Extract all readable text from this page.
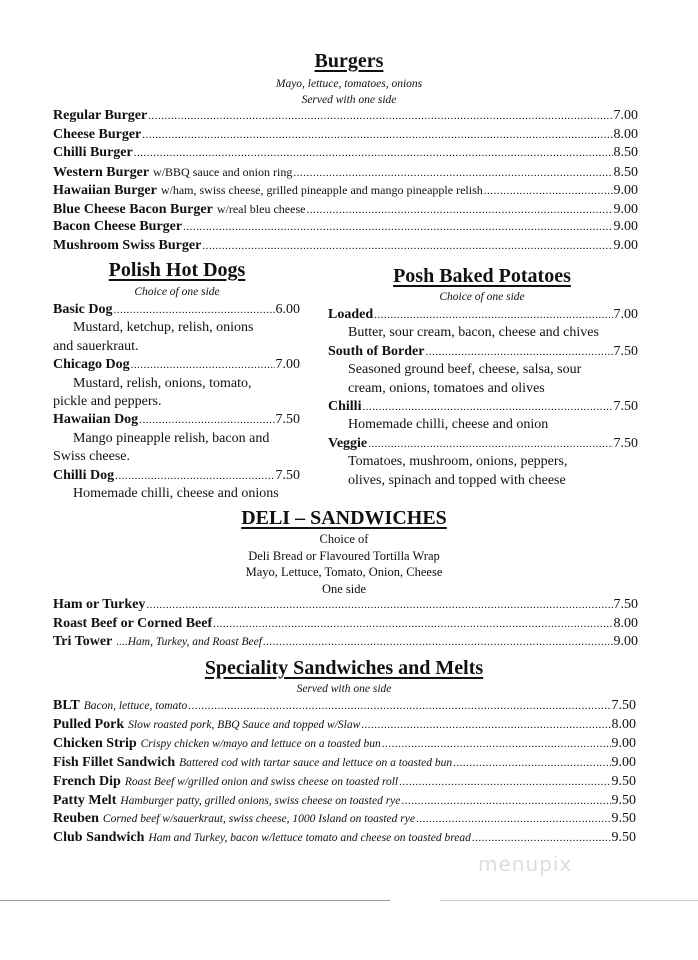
Burgers
Mayo, lettuce, tomatoes, onions
Served with one side
Regular Burger .....	7.00
Cheese Burger .....	8.00
Chilli Burger .....	8.50
Western Burger w/BBQ sauce and onion ring .....	8.50
Hawaiian Burger w/ham, swiss cheese, grilled pineapple and mango pineapple relish .....	9.00
Blue Cheese Bacon Burger w/real bleu cheese .....	9.00
Bacon Cheese Burger .....	9.00
Mushroom Swiss Burger .....	9.00
Polish Hot Dogs
Choice of one side
Basic Dog .....	6.00
Mustard, ketchup, relish, onions
and sauerkraut.
Chicago Dog .....	7.00
Mustard, relish, onions, tomato,
pickle and peppers.
Hawaiian Dog .....	7.50
Mango pineapple relish, bacon and
Swiss cheese.
Chilli Dog .....	7.50
Homemade chilli, cheese and onions
Posh Baked Potatoes
Choice of one side
Loaded .....	7.00
Butter, sour cream, bacon, cheese and chives
South of Border .....	7.50
Seasoned ground beef, cheese, salsa, sour
cream, onions, tomatoes and olives
Chilli .....	7.50
Homemade chilli, cheese and onion
Veggie .....	7.50
Tomatoes, mushroom, onions, peppers,
olives, spinach and topped with cheese
DELI – SANDWICHES
Choice of
Deli Bread or Flavoured Tortilla Wrap
Mayo, Lettuce, Tomato, Onion, Cheese
One side
Ham or Turkey .....	7.50
Roast Beef or Corned Beef .....	8.00
Tri Tower ....Ham, Turkey, and Roast Beef .....	9.00
Speciality Sandwiches and Melts
Served with one side
BLT Bacon, lettuce, tomato .....	7.50
Pulled Pork Slow roasted pork, BBQ Sauce and topped w/Slaw .....	8.00
Chicken Strip Crispy chicken w/mayo and lettuce on a toasted bun .....	9.00
Fish Fillet Sandwich Battered cod with tartar sauce and lettuce on a toasted bun .....	9.00
French Dip Roast Beef w/grilled onion and swiss cheese on toasted roll .....	9.50
Patty Melt Hamburger patty, grilled onions, swiss cheese on toasted rye .....	9.50
Reuben Corned beef w/sauerkraut, swiss cheese, 1000 Island on toasted rye .....	9.50
Club Sandwich Ham and Turkey, bacon w/lettuce tomato and cheese on toasted bread .....	9.50
menupix
